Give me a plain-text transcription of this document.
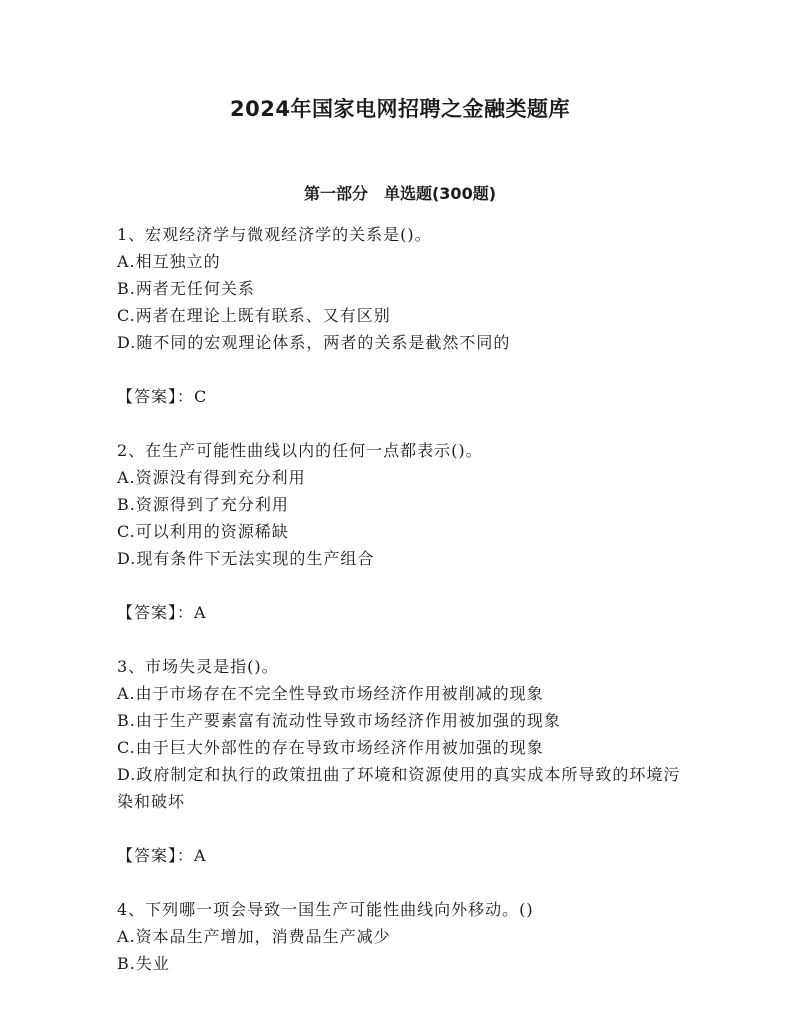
2024年国家电网招聘之金融类题库
第一部分　单选题(300题)
1、宏观经济学与微观经济学的关系是()。
A.相互独立的
B.两者无任何关系
C.两者在理论上既有联系、又有区别
D.随不同的宏观理论体系，两者的关系是截然不同的
【答案】：C
2、在生产可能性曲线以内的任何一点都表示()。
A.资源没有得到充分利用
B.资源得到了充分利用
C.可以利用的资源稀缺
D.现有条件下无法实现的生产组合
【答案】：A
3、市场失灵是指()。
A.由于市场存在不完全性导致市场经济作用被削减的现象
B.由于生产要素富有流动性导致市场经济作用被加强的现象
C.由于巨大外部性的存在导致市场经济作用被加强的现象
D.政府制定和执行的政策扭曲了环境和资源使用的真实成本所导致的环境污染和破坏
【答案】：A
4、下列哪一项会导致一国生产可能性曲线向外移动。()
A.资本品生产增加，消费品生产减少
B.失业
